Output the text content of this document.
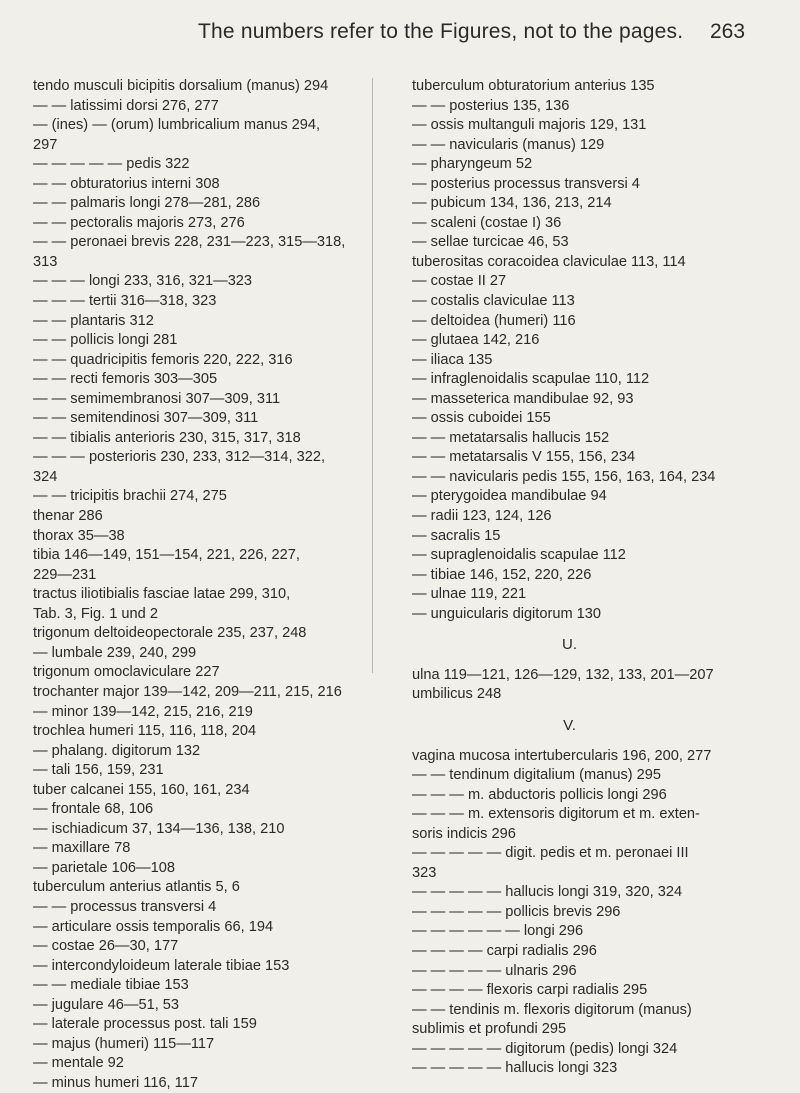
The numbers refer to the Figures, not to the pages. 263
tendo musculi bicipitis dorsalium (manus) 294
— — latissimi dorsi 276, 277
— (ines) — (orum) lumbricalium manus 294,
297
— — — — — pedis 322
— — obturatorius interni 308
— — palmaris longi 278—281, 286
— — pectoralis majoris 273, 276
— — peronaei brevis 228, 231—223, 315—318,
313
— — — longi 233, 316, 321—323
— — — tertii 316—318, 323
— — plantaris 312
— — pollicis longi 281
— — quadricipitis femoris 220, 222, 316
— — recti femoris 303—305
— — semimembranosi 307—309, 311
— — semitendinosi 307—309, 311
— — tibialis anterioris 230, 315, 317, 318
— — — posterioris 230, 233, 312—314, 322,
324
— — tricipitis brachii 274, 275
thenar 286
thorax 35—38
tibia 146—149, 151—154, 221, 226, 227,
229—231
tractus iliotibialis fasciae latae 299, 310,
Tab. 3, Fig. 1 und 2
trigonum deltoideopectorale 235, 237, 248
— lumbale 239, 240, 299
trigonum omoclaviculare 227
trochanter major 139—142, 209—211, 215, 216
— minor 139—142, 215, 216, 219
trochlea humeri 115, 116, 118, 204
— phalang. digitorum 132
— tali 156, 159, 231
tuber calcanei 155, 160, 161, 234
— frontale 68, 106
— ischiadicum 37, 134—136, 138, 210
— maxillare 78
— parietale 106—108
tuberculum anterius atlantis 5, 6
— — processus transversi 4
— articulare ossis temporalis 66, 194
— costae 26—30, 177
— intercondyloideum laterale tibiae 153
— — mediale tibiae 153
— jugulare 46—51, 53
— laterale processus post. tali 159
— majus (humeri) 115—117
— mentale 92
— minus humeri 116, 117
tuberculum obturatorium anterius 135
— — posterius 135, 136
— ossis multanguli majoris 129, 131
— — navicularis (manus) 129
— pharyngeum 52
— posterius processus transversi 4
— pubicum 134, 136, 213, 214
— scaleni (costae I) 36
— sellae turcicae 46, 53
tuberositas coracoidea claviculae 113, 114
— costae II 27
— costalis claviculae 113
— deltoidea (humeri) 116
— glutaea 142, 216
— iliaca 135
— infraglenoidalis scapulae 110, 112
— masseterica mandibulae 92, 93
— ossis cuboidei 155
— — metatarsalis hallucis 152
— — metatarsalis V 155, 156, 234
— — navicularis pedis 155, 156, 163, 164, 234
— pterygoidea mandibulae 94
— radii 123, 124, 126
— sacralis 15
— supraglenoidalis scapulae 112
— tibiae 146, 152, 220, 226
— ulnae 119, 221
— unguicularis digitorum 130
U.
ulna 119—121, 126—129, 132, 133, 201—207
umbilicus 248
V.
vagina mucosa intertubercularis 196, 200, 277
— — tendinum digitalium (manus) 295
— — — m. abductoris pollicis longi 296
— — — m. extensoris digitorum et m. exten-
soris indicis 296
— — — — — digit. pedis et m. peronaei III
323
— — — — — hallucis longi 319, 320, 324
— — — — — pollicis brevis 296
— — — — — — longi 296
— — — — carpi radialis 296
— — — — — ulnaris 296
— — — — flexoris carpi radialis 295
— — tendinis m. flexoris digitorum (manus)
sublimis et profundi 295
— — — — — digitorum (pedis) longi 324
— — — — — hallucis longi 323
